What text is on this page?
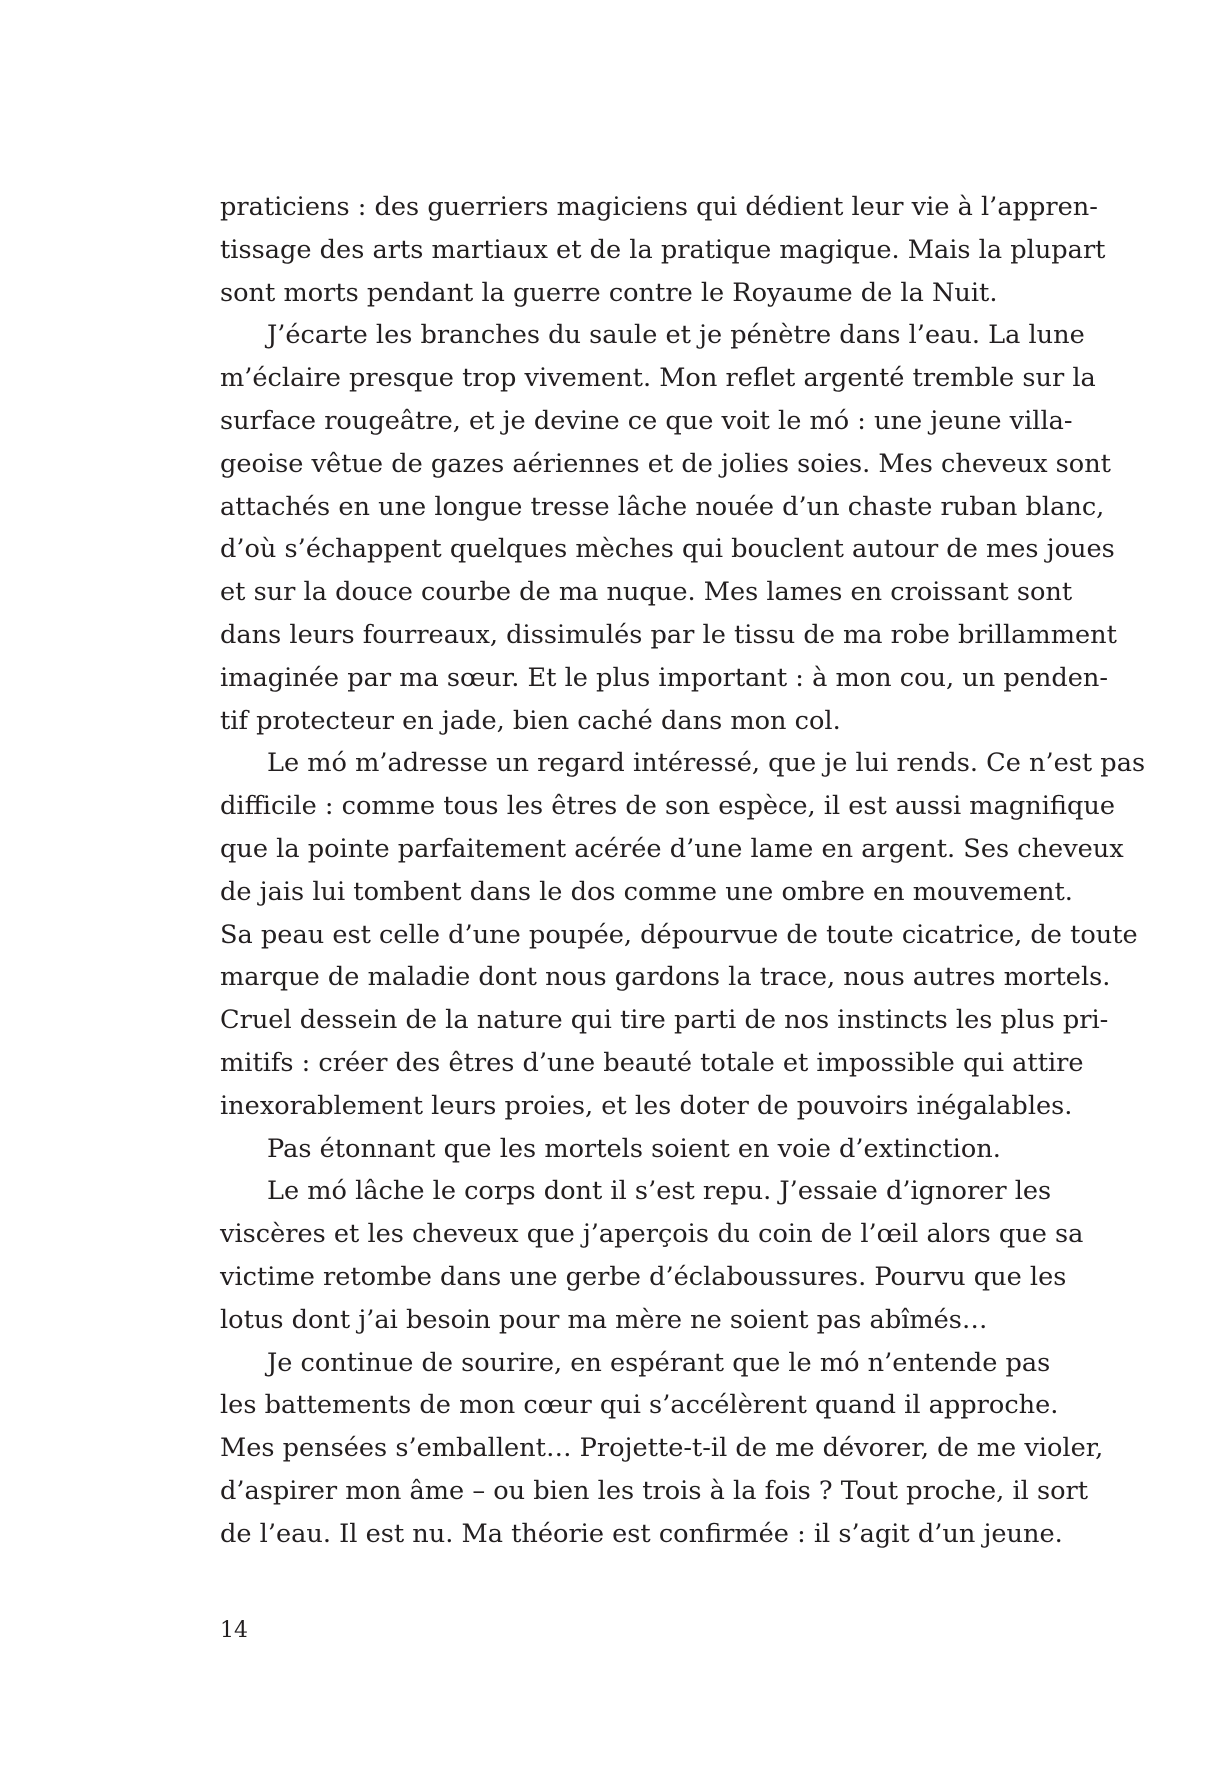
praticiens : des guerriers magiciens qui dédient leur vie à l’appren-
tissage des arts martiaux et de la pratique magique. Mais la plupart
sont morts pendant la guerre contre le Royaume de la Nuit.
J’écarte les branches du saule et je pénètre dans l’eau. La lune
m’éclaire presque trop vivement. Mon reflet argenté tremble sur la
surface rougeâtre, et je devine ce que voit le mó : une jeune villa-
geoise vêtue de gazes aériennes et de jolies soies. Mes cheveux sont
attachés en une longue tresse lâche nouée d’un chaste ruban blanc,
d’où s’échappent quelques mèches qui bouclent autour de mes joues
et sur la douce courbe de ma nuque. Mes lames en croissant sont
dans leurs fourreaux, dissimulés par le tissu de ma robe brillamment
imaginée par ma sœur. Et le plus important : à mon cou, un penden-
tif protecteur en jade, bien caché dans mon col.
Le mó m’adresse un regard intéressé, que je lui rends. Ce n’est pas
difficile : comme tous les êtres de son espèce, il est aussi magnifique
que la pointe parfaitement acérée d’une lame en argent. Ses cheveux
de jais lui tombent dans le dos comme une ombre en mouvement.
Sa peau est celle d’une poupée, dépourvue de toute cicatrice, de toute
marque de maladie dont nous gardons la trace, nous autres mortels.
Cruel dessein de la nature qui tire parti de nos instincts les plus pri-
mitifs : créer des êtres d’une beauté totale et impossible qui attire
inexorablement leurs proies, et les doter de pouvoirs inégalables.
Pas étonnant que les mortels soient en voie d’extinction.
Le mó lâche le corps dont il s’est repu. J’essaie d’ignorer les
viscères et les cheveux que j’aperçois du coin de l’œil alors que sa
victime retombe dans une gerbe d’éclaboussures. Pourvu que les
lotus dont j’ai besoin pour ma mère ne soient pas abîmés…
Je continue de sourire, en espérant que le mó n’entende pas
les battements de mon cœur qui s’accélèrent quand il approche.
Mes pensées s’emballent… Projette-t-il de me dévorer, de me violer,
d’aspirer mon âme – ou bien les trois à la fois ? Tout proche, il sort
de l’eau. Il est nu. Ma théorie est confirmée : il s’agit d’un jeune.
14
